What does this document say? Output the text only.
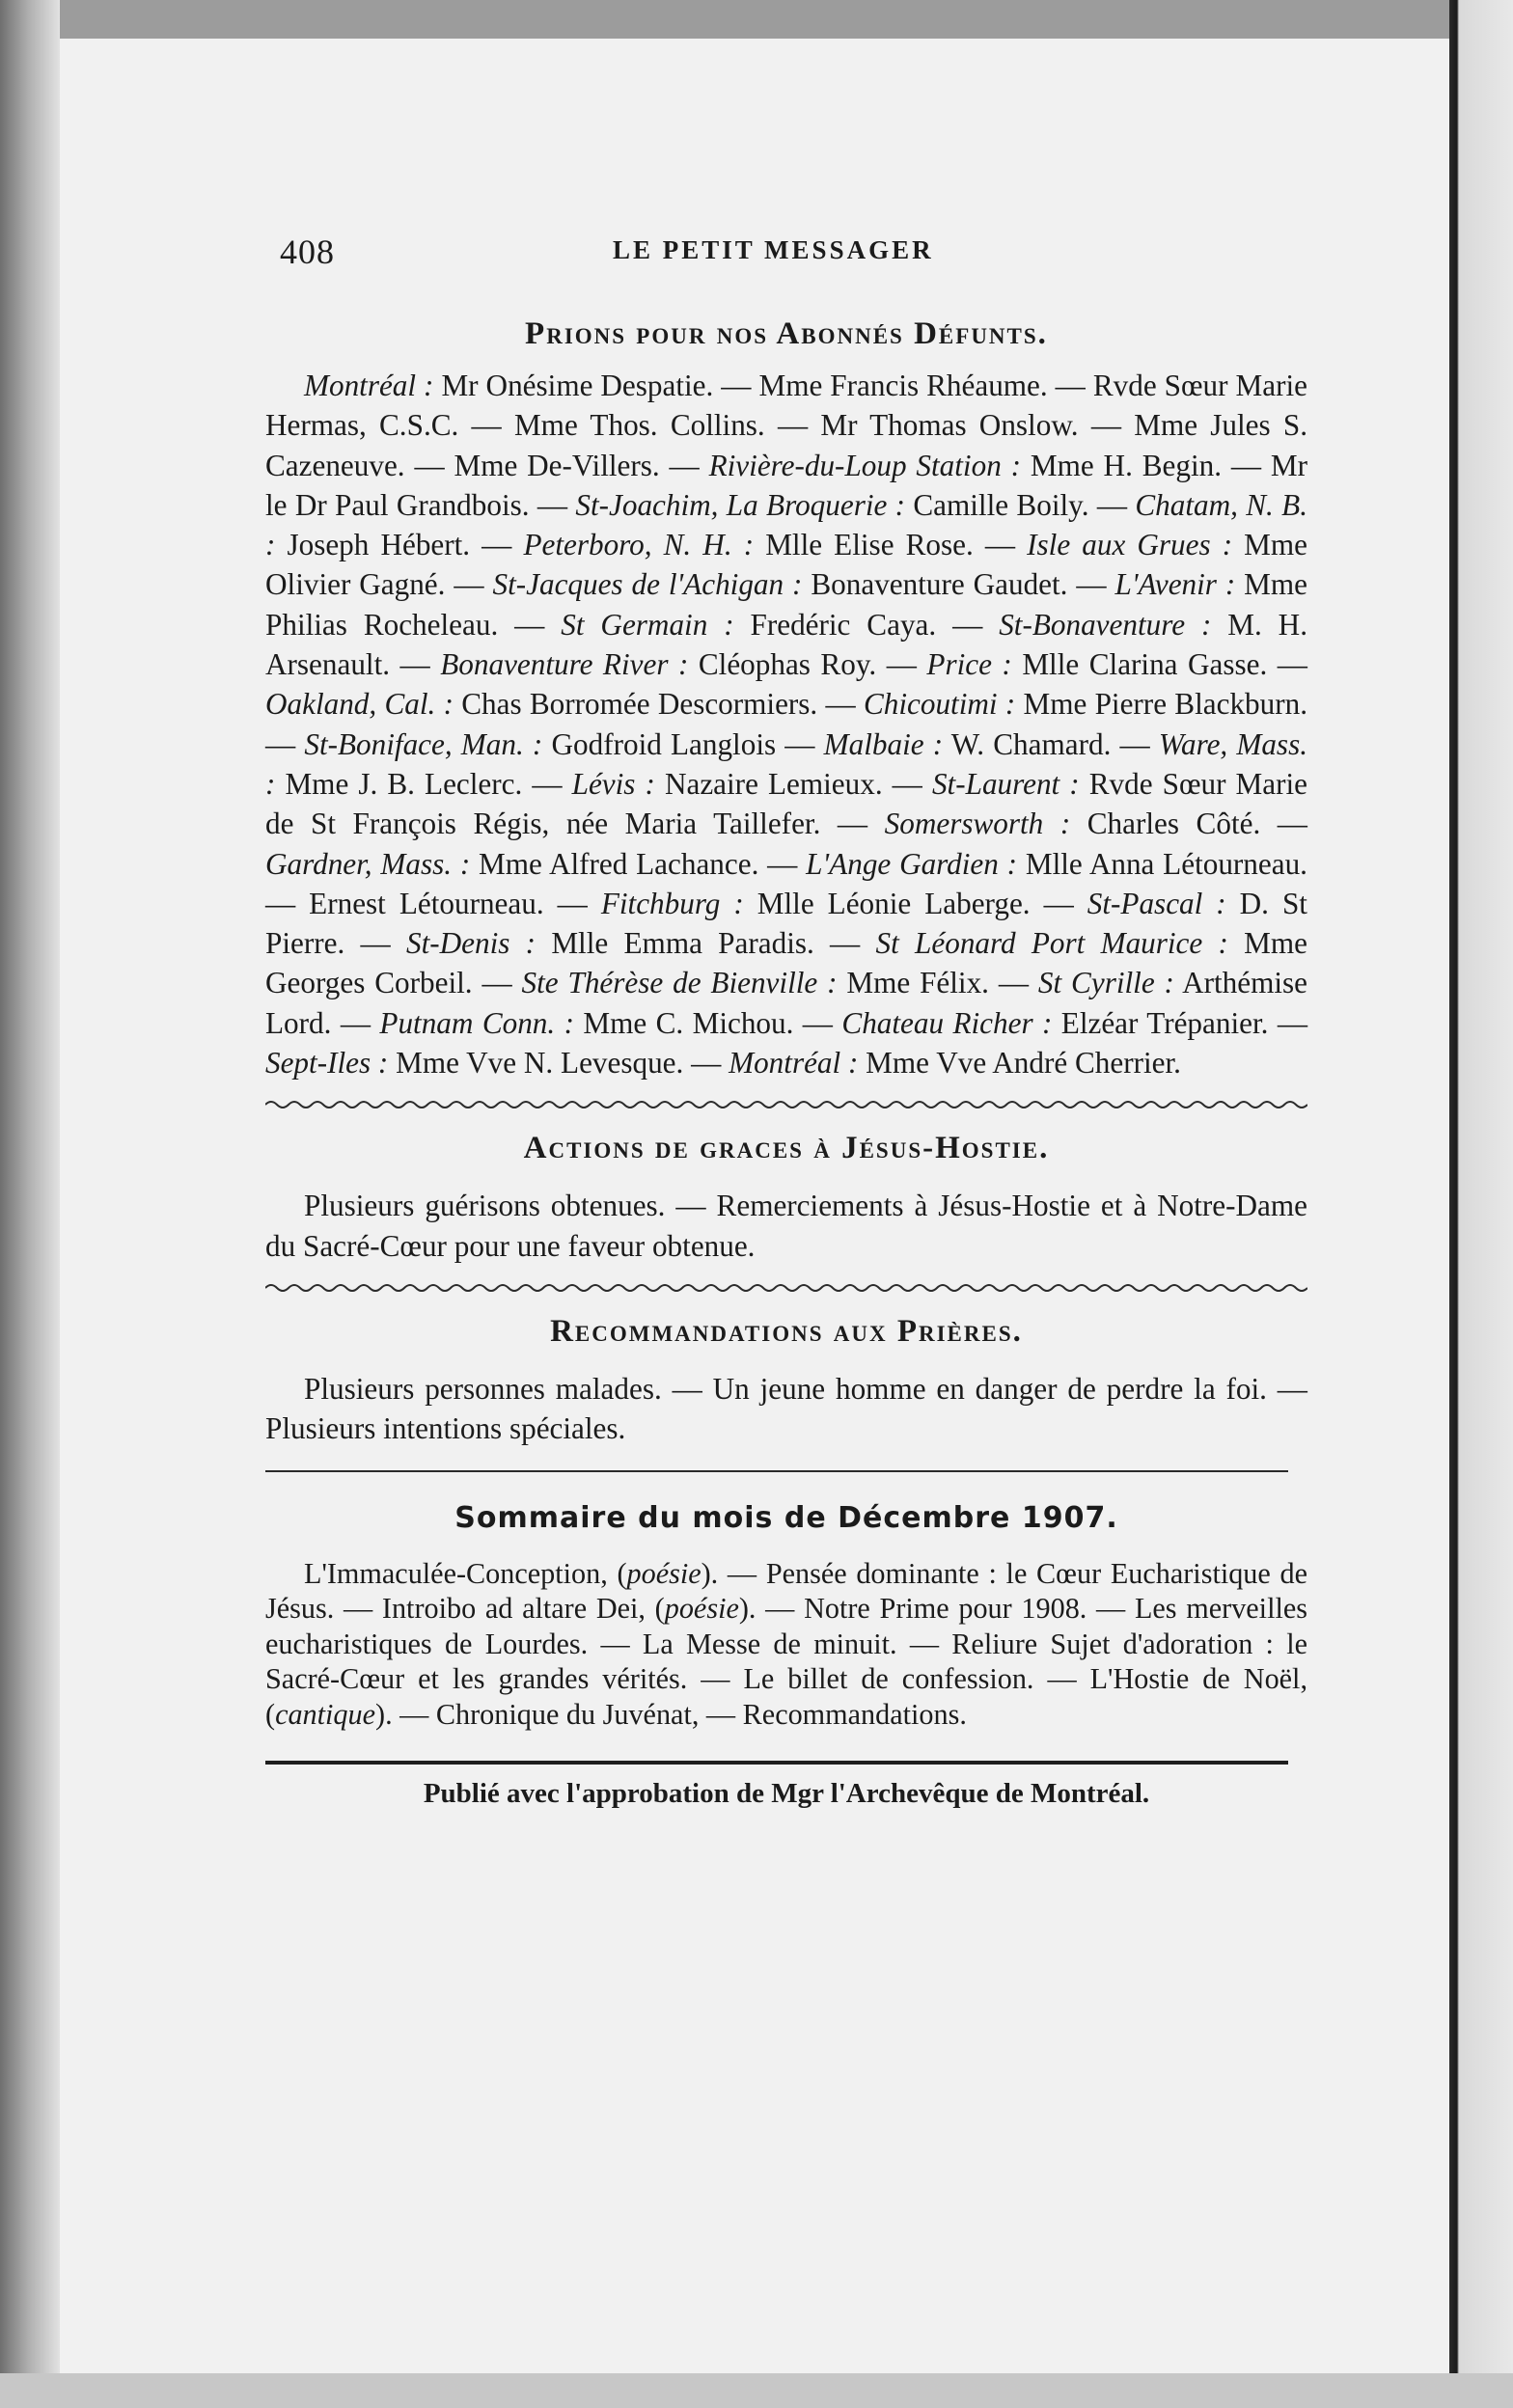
408	LE PETIT MESSAGER
Prions pour nos Abonnés Défunts.

Montréal : Mr Onésime Despatie. — Mme Francis Rhéaume. — Rvde Sœur Marie Hermas, C.S.C. — Mme Thos. Collins. — Mr Thomas Onslow. — Mme Jules S. Cazeneuve. — Mme De-Villers. — Rivière-du-Loup Station : Mme H. Begin. — Mr le Dr Paul Grandbois. — St-Joachim, La Broquerie : Camille Boily. — Chatam, N. B. : Joseph Hébert. — Peterboro, N. H. : Mlle Elise Rose. — Isle aux Grues : Mme Olivier Gagné. — St-Jacques de l'Achigan : Bonaventure Gaudet. — L'Avenir : Mme Philias Rocheleau. — St Germain : Fredéric Caya. — St-Bonaventure : M. H. Arsenault. — Bonaventure River : Cléophas Roy. — Price : Mlle Clarina Gasse. — Oakland, Cal. : Chas Borromée Descormiers. — Chicoutimi : Mme Pierre Blackburn. — St-Boniface, Man. : Godfroid Langlois — Malbaie : W. Chamard. — Ware, Mass. : Mme J. B. Leclerc. — Lévis : Nazaire Lemieux. — St-Laurent : Rvde Sœur Marie de St François Régis, née Maria Taillefer. — Somersworth : Charles Côté. — Gardner, Mass. : Mme Alfred Lachance. — L'Ange Gardien : Mlle Anna Létourneau. — Ernest Létourneau. — Fitchburg : Mlle Léonie Laberge. — St-Pascal : D. St Pierre. — St-Denis : Mlle Emma Paradis. — St Léonard Port Maurice : Mme Georges Corbeil. — Ste Thérèse de Bienville : Mme Félix. — St Cyrille : Arthémise Lord. — Putnam Conn. : Mme C. Michou. — Chateau Richer : Elzéar Trépanier. — Sept-Iles : Mme Vve N. Levesque. — Montréal : Mme Vve André Cherrier.

Actions de graces à Jésus-Hostie.

Plusieurs guérisons obtenues. — Remerciements à Jésus-Hostie et à Notre-Dame du Sacré-Cœur pour une faveur obtenue.

Recommandations aux Prières.

Plusieurs personnes malades. — Un jeune homme en danger de perdre la foi. — Plusieurs intentions spéciales.

Sommaire du mois de Décembre 1907.

L'Immaculée-Conception, (poésie). — Pensée dominante : le Cœur Eucharistique de Jésus. — Introibo ad altare Dei, (poésie). — Notre Prime pour 1908. — Les merveilles eucharistiques de Lourdes. — La Messe de minuit. — Reliure Sujet d'adoration : le Sacré-Cœur et les grandes vérités. — Le billet de confession. — L'Hostie de Noël, (cantique). — Chronique du Juvénat, — Recommandations.

Publié avec l'approbation de Mgr l'Archevêque de Montréal.
